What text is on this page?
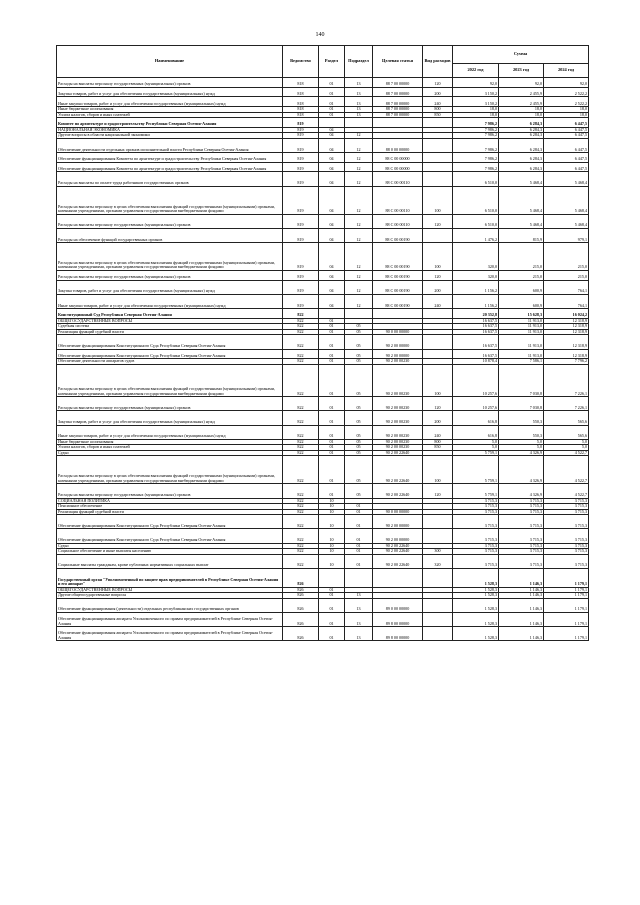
140
Наименование	Ведомство	Раздел	Подраздел	Целевая статья	Вид расходов	Сумма		
						2022 год	2023 год	2024 год
Расходы на выплаты персоналу государственных (муниципальных) органов	818	01	13	88 7 00 00000	120	92,0	92,0	92,0
Закупка товаров, работ и услуг для обеспечения государственных (муниципальных) нужд	818	01	13	88 7 00 00000	200	3 150,2	2 455,9	2 522,2
Иные закупки товаров, работ и услуг для обеспечения государственных (муниципальных) нужд	818	01	13	88 7 00 00000	240	3 150,2	2 455,9	2 522,2
Иные бюджетные ассигнования	818	01	13	88 7 00 00000	800	18,0	18,0	18,0
Уплата налогов, сборов и иных платежей	818	01	13	88 7 00 00000	850	18,0	18,0	18,0
Комитет по архитектуре и градостроительству Республики Северная Осетия-Алания	819					7 986,2	6 284,3	6 447,5
НАЦИОНАЛЬНАЯ ЭКОНОМИКА	819	04				7 986,2	6 284,3	6 447,5
Другие вопросы в области национальной экономики	819	04	12			7 986,2	6 284,3	6 447,5
Обеспечение деятельности отдельных органов исполнительной власти Республики Северная Осетия-Алания	819	04	12	88 0 00 00000		7 986,2	6 284,3	6 447,5
Обеспечение функционирования Комитета по архитектуре и градостроительству Республики Северная Осетия-Алания	819	04	12	88 С 00 00000		7 986,2	6 284,3	6 447,5
Обеспечение функционирования Комитета по архитектуре и градостроительству Республики Северная Осетия-Алания	819	04	12	88 С 00 00000		7 986,2	6 284,3	6 447,5
Расходы на выплаты по оплате труда работников государственных органов	819	04	12	88 С 00 00110		6 510,0	5 468,4	5 468,4
Расходы на выплаты персоналу в целях обеспечения выполнения функций государственными (муниципальными) органами, казенными учреждениями, органами управления государственными внебюджетными фондами	819	04	12	88 С 00 00110	100	6 510,0	5 468,4	5 468,4
Расходы на выплаты персоналу государственных (муниципальных) органов	819	04	12	88 С 00 00110	120	6 510,0	5 468,4	5 468,4
Расходы на обеспечение функций государственных органов	819	04	12	88 С 00 00190		1 476,2	815,9	979,1
Расходы на выплаты персоналу в целях обеспечения выполнения функций государственными (муниципальными) органами, казенными учреждениями, органами управления государственными внебюджетными фондами	819	04	12	88 С 00 00190	100	320,0	215,0	215,0
Расходы на выплаты персоналу государственных (муниципальных) органов	819	04	12	88 С 00 00190	120	320,0	215,0	215,0
Закупка товаров, работ и услуг для обеспечения государственных (муниципальных) нужд	819	04	12	88 С 00 00190	200	1 156,2	600,9	764,1
Иные закупки товаров, работ и услуг для обеспечения государственных (муниципальных) нужд	819	04	12	88 С 00 00190	240	1 156,2	600,9	764,1
Конституционный Суд Республики Северная Осетия-Алания	822					20 352,8	15 628,3	16 024,2
ОБЩЕГОСУДАРСТВЕННЫЕ ВОПРОСЫ	822	01				16 637,5	11 913,0	12 318,9
Судебная система	822	01	05			16 637,5	11 913,0	12 318,9
Реализация функций судебной власти	822	01	05	90 0 00 00000		16 637,5	11 913,0	12 318,9
Обеспечение функционирования Конституционного Суда Республики Северная Осетия-Алания	822	01	05	90 2 00 00000		16 637,5	11 913,0	12 318,9
Обеспечение функционирования Конституционного Суда Республики Северная Осетия-Алания	822	01	05	90 2 00 00000		16 637,5	11 913,0	12 318,9
Обеспечение деятельности аппаратов судов	822	01	05	90 2 00 00230		10 878,4	7 586,1	7 796,2
Расходы на выплаты персоналу в целях обеспечения выполнения функций государственными (муниципальными) органами, казенными учреждениями, органами управления государственными внебюджетными фондами	822	01	05	90 2 00 00230	100	10 257,6	7 030,8	7 226,1
Расходы на выплаты персоналу государственных (муниципальных) органов	822	01	05	90 2 00 00230	120	10 257,6	7 030,8	7 226,1
Закупка товаров, работ и услуг для обеспечения государственных (муниципальных) нужд	822	01	05	90 2 00 00230	200	616,8	550,3	565,6
Иные закупки товаров, работ и услуг для обеспечения государственных (муниципальных) нужд	822	01	05	90 2 00 00230	240	616,8	550,3	565,6
Иные бюджетные ассигнования	822	01	05	90 2 00 00230	800	5,0	5,0	5,0
Уплата налогов, сборов и иных платежей	822	01	05	90 2 00 00230	850	5,0	5,0	5,0
Судьи	822	01	05	90 2 00 22640		5 759,1	4 326,9	4 522,7
Расходы на выплаты персоналу в целях обеспечения выполнения функций государственными (муниципальными) органами, казенными учреждениями, органами управления государственными внебюджетными фондами	822	01	05	90 2 00 22640	100	5 759,1	4 326,9	4 522,7
Расходы на выплаты персоналу государственных (муниципальных) органов	822	01	05	90 2 00 22640	120	5 759,1	4 326,9	4 522,7
СОЦИАЛЬНАЯ ПОЛИТИКА	822	10				3 715,3	3 715,3	3 715,3
Пенсионное обеспечение	822	10	01			3 715,3	3 715,3	3 715,3
Реализация функций судебной власти	822	10	01	90 0 00 00000		3 715,3	3 715,3	3 715,3
Обеспечение функционирования Конституционного Суда Республики Северная Осетия-Алания	822	10	01	90 2 00 00000		3 715,3	3 715,3	3 715,3
Обеспечение функционирования Конституционного Суда Республики Северная Осетия-Алания	822	10	01	90 2 00 00000		3 715,3	3 715,3	3 715,3
Судьи	822	10	01	90 2 00 22640		3 715,3	3 715,3	3 715,3
Социальное обеспечение и иные выплаты населению	822	10	01	90 2 00 22640	300	3 715,3	3 715,3	3 715,3
Социальные выплаты гражданам, кроме публичных нормативных социальных выплат	822	10	01	90 2 00 22640	320	3 715,3	3 715,3	3 715,3
Государственный орган "Уполномоченный по защите прав предпринимателей в Республике Северная Осетия-Алания и его аппарат"	826					1 528,3	1 146,3	1 179,1
ОБЩЕГОСУДАРСТВЕННЫЕ ВОПРОСЫ	826	01				1 528,3	1 146,3	1 179,1
Другие общегосударственные вопросы	826	01	13			1 528,3	1 146,3	1 179,1
Обеспечение функционирования (деятельности) отдельных республиканских государственных органов	826	01	13	89 0 00 00000		1 528,3	1 146,3	1 179,1
Обеспечение функционирования аппарата Уполномоченного по правам предпринимателей в Республике Северная Осетия-Алания	826	01	13	89 8 00 00000		1 528,3	1 146,3	1 179,1
Обеспечение функционирования аппарата Уполномоченного по правам предпринимателей в Республике Северная Осетия-Алания	826	01	13	89 8 00 00000		1 528,3	1 146,3	1 179,1
